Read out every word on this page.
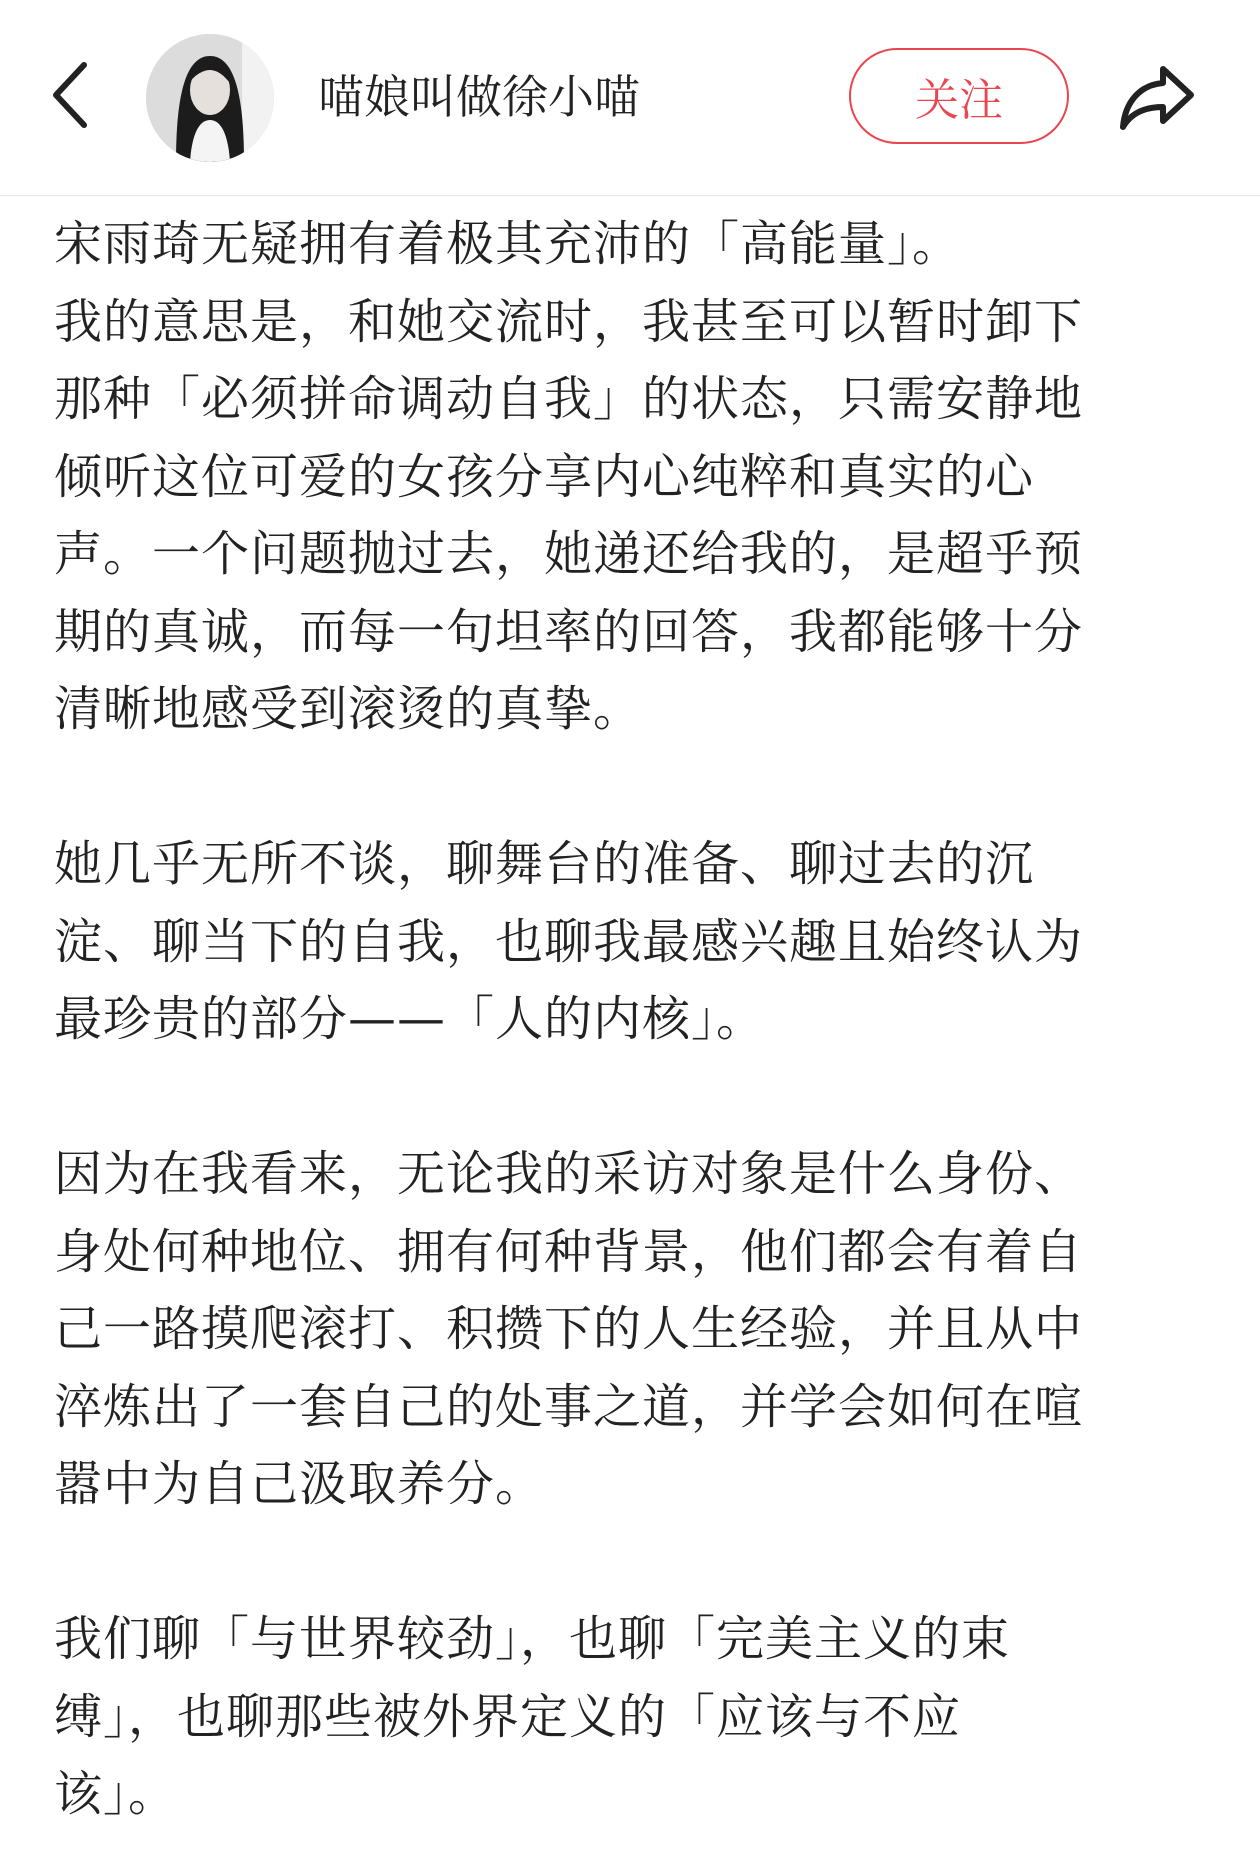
喵娘叫做徐小喵	关注

宋雨琦无疑拥有着极其充沛的「高能量」。
我的意思是，和她交流时，我甚至可以暂时卸下
那种「必须拼命调动自我」的状态，只需安静地
倾听这位可爱的女孩分享内心纯粹和真实的心
声。一个问题抛过去，她递还给我的，是超乎预
期的真诚，而每一句坦率的回答，我都能够十分
清晰地感受到滚烫的真挚。

她几乎无所不谈，聊舞台的准备、聊过去的沉
淀、聊当下的自我，也聊我最感兴趣且始终认为
最珍贵的部分——「人的内核」。

因为在我看来，无论我的采访对象是什么身份、
身处何种地位、拥有何种背景，他们都会有着自
己一路摸爬滚打、积攒下的人生经验，并且从中
淬炼出了一套自己的处事之道，并学会如何在喧
嚣中为自己汲取养分。

我们聊「与世界较劲」，也聊「完美主义的束
缚」，也聊那些被外界定义的「应该与不应
该」。
